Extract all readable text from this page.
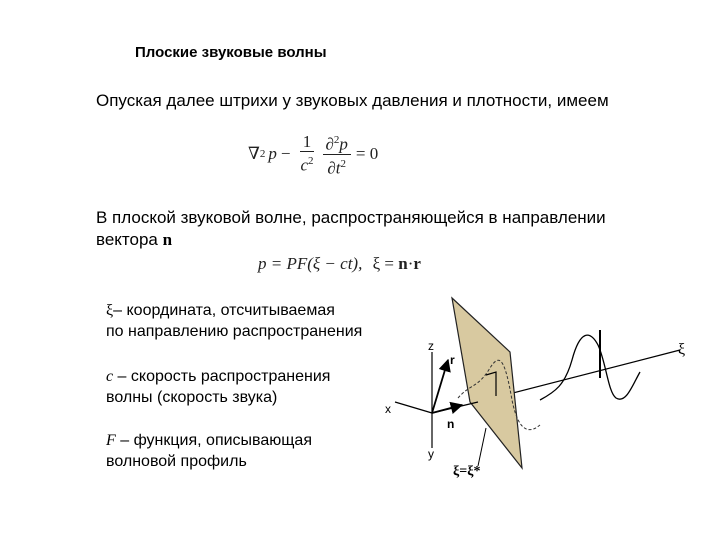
Плоские звуковые волны
Опуская далее штрихи у звуковых давления и плотности, имеем
∇ 2 $p - \frac{1}{c^2} \frac{\partial^2p}{\partial t^2} = 0$
В плоской звуковой волне, распространяющейся в направлении
вектора n
p = PF(ξ − ct), ξ = n·r
ξ– координата, отсчитываемая
по направлению распространения
c – скорость распространения
волны (скорость звука)
F – функция, описывающая
волновой профиль
z
x
y
r
n
ξ
ξ=ξ*
